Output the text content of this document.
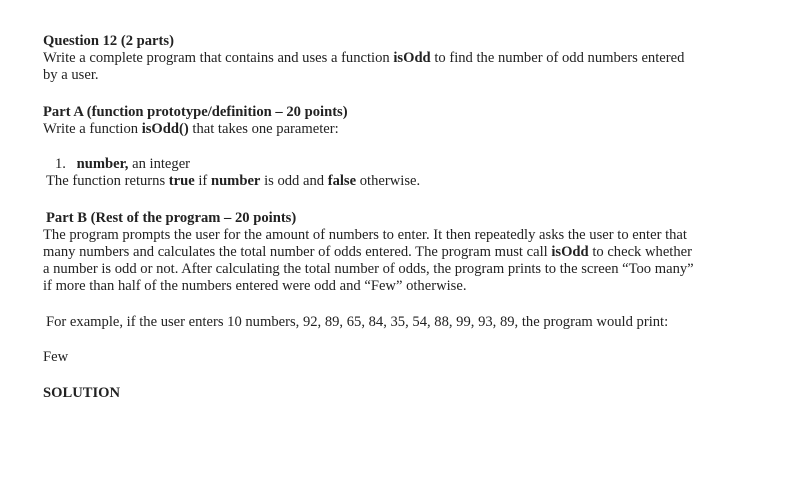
Question 12 (2 parts)

Write a complete program that contains and uses a function isOdd to find the number of odd numbers entered

by a user.

Part A (function prototype/definition – 20 points)

Write a function isOdd() that takes one parameter:

1. number, an integer

The function returns true if number is odd and false otherwise.

Part B (Rest of the program – 20 points)

The program prompts the user for the amount of numbers to enter. It then repeatedly asks the user to enter that

many numbers and calculates the total number of odds entered. The program must call isOdd to check whether

a number is odd or not. After calculating the total number of odds, the program prints to the screen “Too many”

if more than half of the numbers entered were odd and “Few” otherwise.

For example, if the user enters 10 numbers, 92, 89, 65, 84, 35, 54, 88, 99, 93, 89, the program would print:

Few

SOLUTION
